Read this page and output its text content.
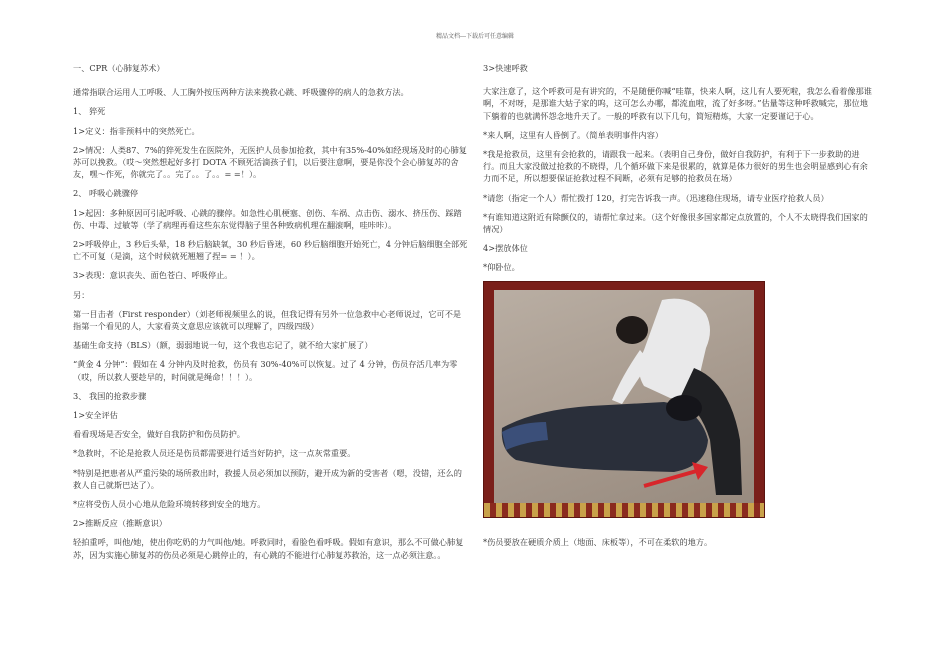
精品文档---下载后可任意编辑

一、CPR（心肺复苏术）

通常指联合运用人工呼吸、人工胸外按压两种方法来挽救心跳、呼吸骤停的病人的急救方法。

1、 猝死

1>定义：指非预料中的突然死亡。

2>情况：人类87、7%的猝死发生在医院外，无医护人员参加抢救，其中有35%-40%如经现场及时的心肺复苏可以挽救。（哎～突然想起好多打 DOTA 不顾死活滴孩子们，以后要注意啊，要是你没个会心肺复苏的舍友，嘿～作死，你就完了。。完了。。了。。= =！）。

2、 呼吸心跳骤停

1>起因：多种原因可引起呼吸、心跳的骤停。如急性心肌梗塞、创伤、车祸、点击伤、溺水、挤压伤、踩踏伤、中毒、过敏等（学了病理再看这些东东觉得脑子里各种致病机理在翻滚啊，哇咔咔）。

2>呼吸停止，3 秒后头晕，18 秒后脑缺氧，30 秒后昏迷，60 秒后脑细胞开始死亡，4 分钟后脑细胞全部死亡不可复（是滴，这个时候就死翘翘了捏= = ！）。

3>表现：意识丧失、面色苍白、呼吸停止。

另：

第一目击者（First responder）（刘老师视频里么的说，但我记得有另外一位急救中心老师说过，它可不是指第一个看见的人，大家看英文意思应该就可以理解了，四级四级）

基础生命支持（BLS）（额，弱弱地说一句，这个我也忘记了，就不给大家扩展了）

“黄金 4 分钟”：假如在 4 分钟内及时抢救，伤员有 30%-40%可以恢复。过了 4 分钟，伤员存活几率为零（哎，所以救人要趁早的，时间就是绳命！！！）。

3、 我国的抢救步骤

1>安全评估

看看现场是否安全，做好自我防护和伤员防护。

*急救时，不论是抢救人员还是伤员都需要进行适当好防护，这一点灰常重要。

*特别是把患者从严重污染的场所救出时，救援人员必须加以预防，避开成为新的受害者（嗯，没错，还么的救人自己就斯巴达了）。

*应将受伤人员小心地从危险环境转移到安全的地方。

2>推断反应（推断意识）

轻拍重呼，叫他/她，使出你吃奶的力气叫他/她。呼救同时，看脸色看呼吸。假如有意识，那么不可做心肺复苏，因为实施心肺复苏的伤员必须是心跳停止的，有心跳的不能进行心肺复苏救治，这一点必须注意。。

3>快速呼救

大家注意了，这个呼救可是有讲究的，不是随便你喊“哇靠，快来人啊，这儿有人要死啦，我怎么看着像那谁啊，不对呀，是那谁大姑子家的呜，这可怎么办哪，都流血啦，流了好多呀。”估量等这种呼救喊完，那位地下躺着的也就满怀怨念地升天了。一般的呼救有以下几句，简短精炼，大家一定要谨记于心。

*来人啊，这里有人昏倒了。（简单表明事件内容）

*我是抢救员，这里有会抢救的，请跟我一起来。（表明自己身份，做好自我防护，有利于下一步救助的进行。而且大家没做过抢救的不晓得，几个循环做下来是很累的，就算是体力很好的男生也会明显感到心有余力而不足，所以想要保证抢救过程不间断，必须有足够的抢救员在场）

*请您（指定一个人）帮忙拨打 120，打完告诉我一声。（迅速稳住现场，请专业医疗抢救人员）

*有谁知道这附近有除颤仪的，请帮忙拿过来。（这个好像很多国家都定点放置的，个人不太晓得我们国家的情况）

4>摆放体位

*仰卧位。

*伤员要放在硬质介质上（地面、床板等），不可在柔软的地方。
